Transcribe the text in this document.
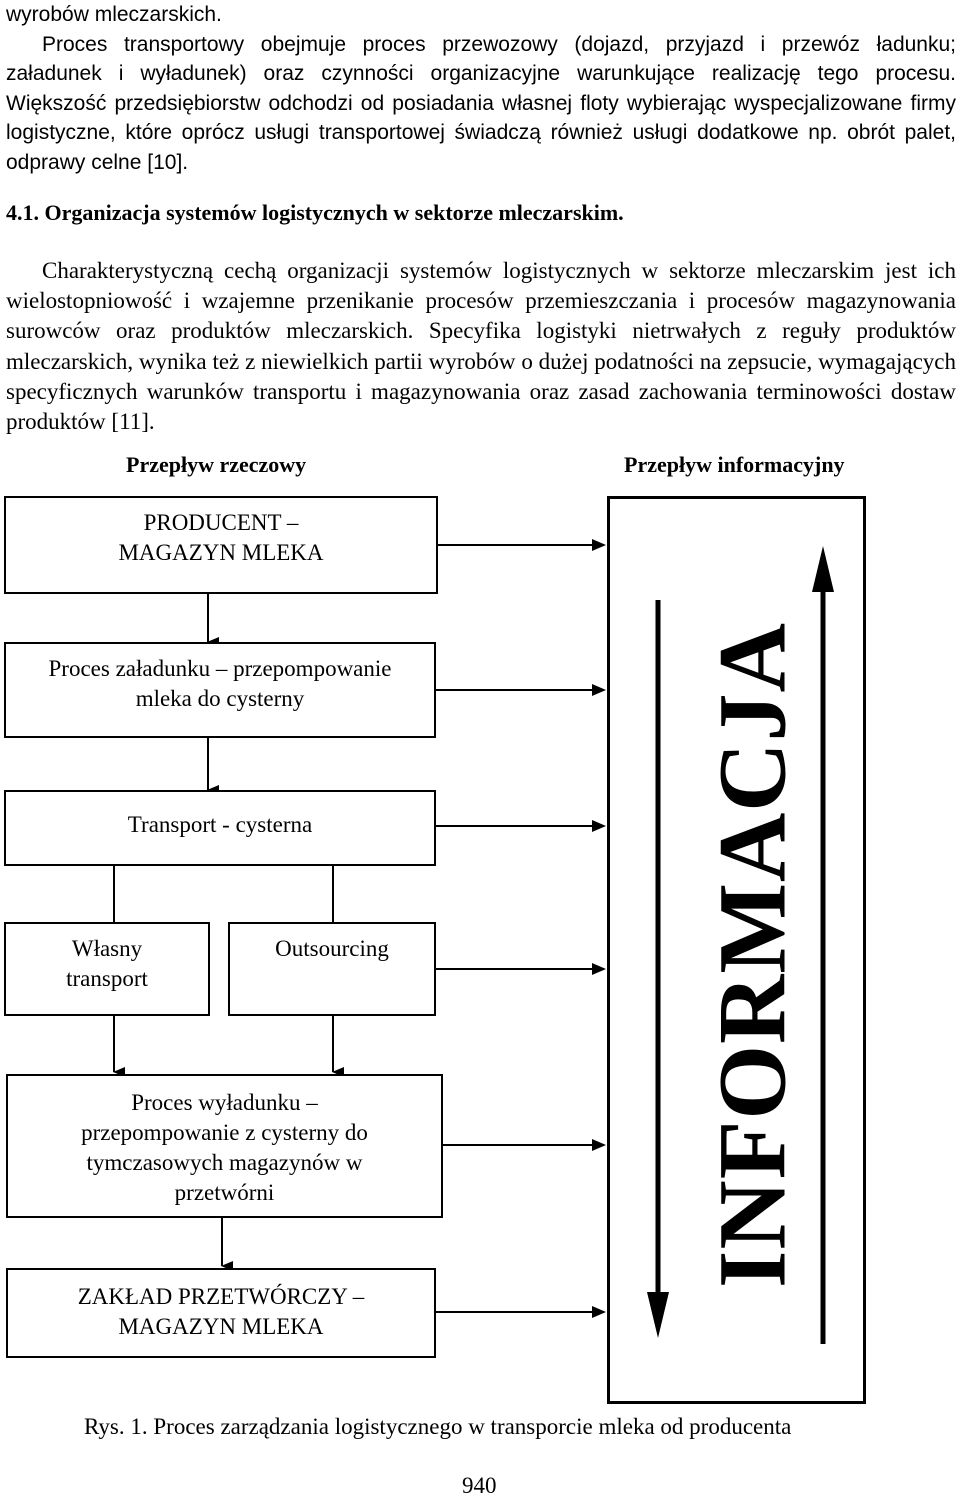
wyrobów mleczarskich.
Proces transportowy obejmuje proces przewozowy (dojazd, przyjazd i przewóz ładunku; załadunek i wyładunek) oraz czynności organizacyjne warunkujące realizację tego procesu. Większość przedsiębiorstw odchodzi od posiadania własnej floty wybierając wyspecjalizowane firmy logistyczne, które oprócz usługi transportowej świadczą również usługi dodatkowe np. obrót palet, odprawy celne [10].
4.1. Organizacja systemów logistycznych w sektorze mleczarskim.
Charakterystyczną cechą organizacji systemów logistycznych w sektorze mleczarskim jest ich wielostopniowość i wzajemne przenikanie procesów przemieszczania i procesów magazynowania surowców oraz produktów mleczarskich. Specyfika logistyki nietrwałych z reguły produktów mleczarskich, wynika też z niewielkich partii wyrobów o dużej podatności na zepsucie, wymagających specyficznych warunków transportu i magazynowania oraz zasad zachowania terminowości dostaw produktów [11].
Przepływ rzeczowy	Przepływ informacyjny
PRODUCENT –
MAGAZYN MLEKA
Proces załadunku – przepompowanie
mleka do cysterny
Transport - cysterna
Własny
transport
Outsourcing
Proces wyładunku –
przepompowanie z cysterny do
tymczasowych magazynów w
przetwórni
ZAKŁAD PRZETWÓRCZY –
MAGAZYN MLEKA
INFORMACJA
Rys. 1. Proces zarządzania logistycznego w transporcie mleka od producenta
940
